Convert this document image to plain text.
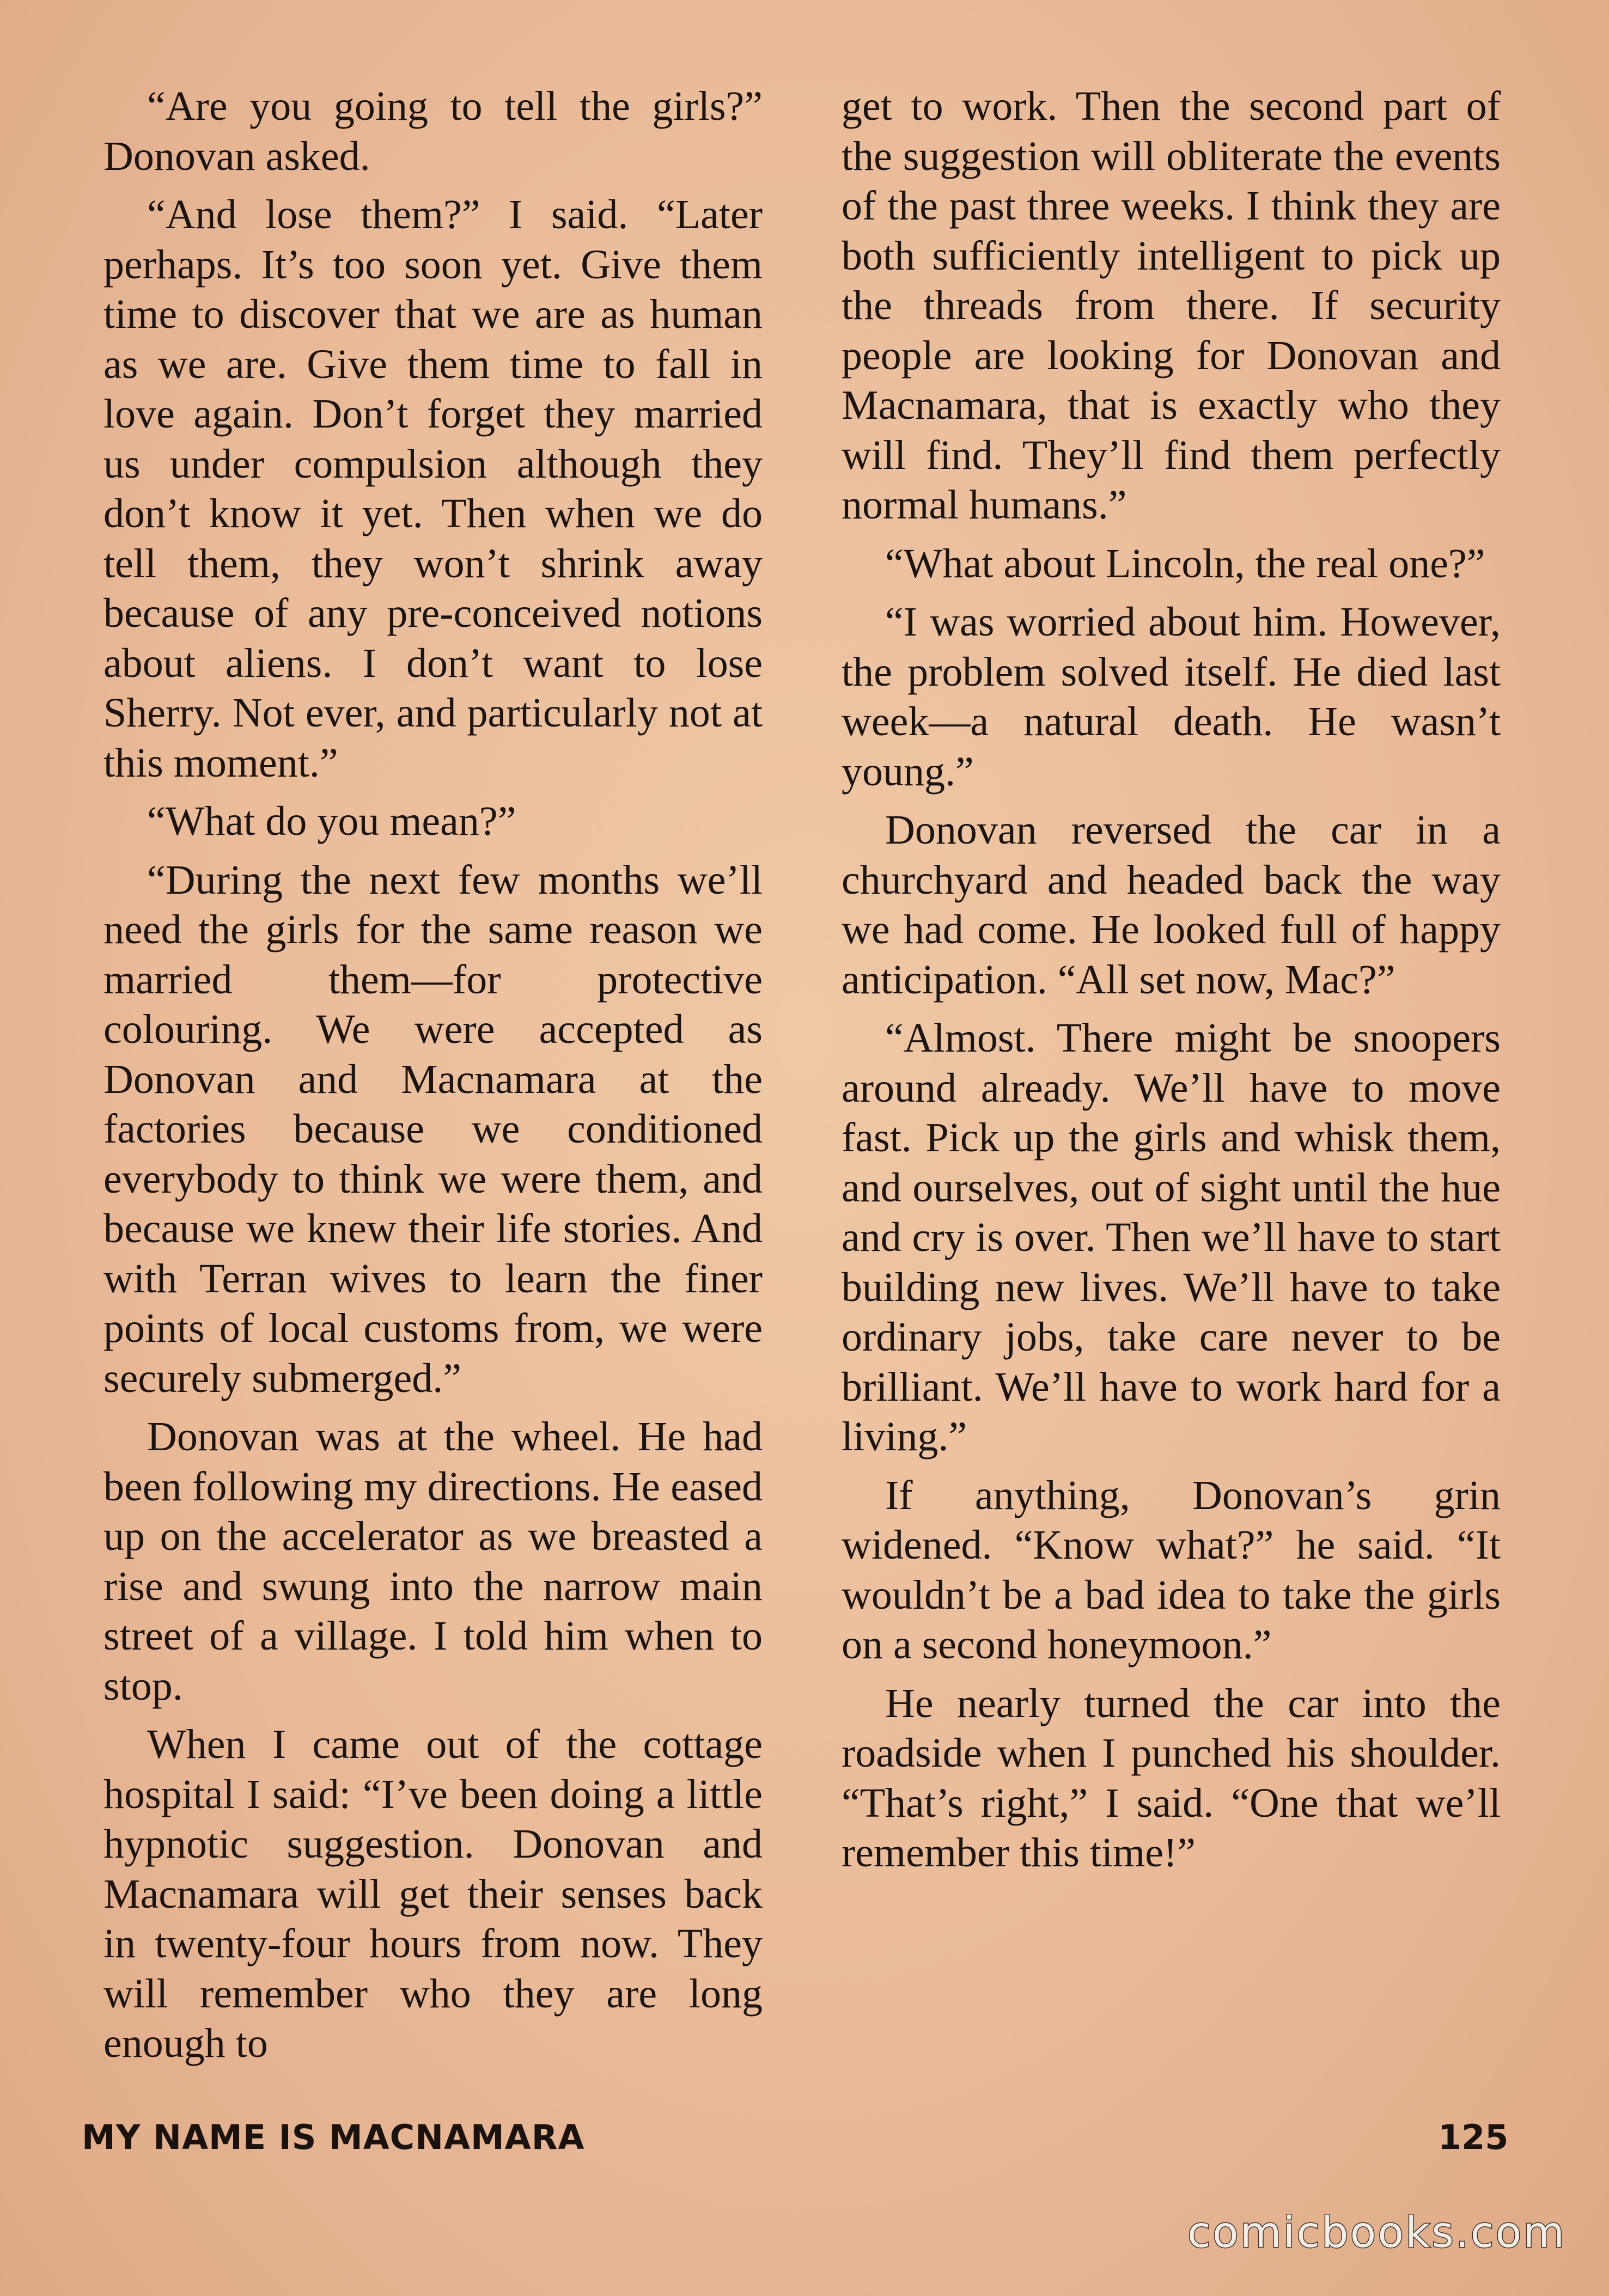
“Are you going to tell the girls?” Donovan asked.

“And lose them?” I said. “Later perhaps. It’s too soon yet. Give them time to discover that we are as human as we are. Give them time to fall in love again. Don’t forget they married us under compulsion although they don’t know it yet. Then when we do tell them, they won’t shrink away because of any pre-conceived notions about aliens. I don’t want to lose Sherry. Not ever, and particularly not at this moment.”

“What do you mean?”

“During the next few months we’ll need the girls for the same reason we married them—for protective colouring. We were accepted as Donovan and Macnamara at the factories because we conditioned everybody to think we were them, and because we knew their life stories. And with Terran wives to learn the finer points of local customs from, we were securely submerged.”

Donovan was at the wheel. He had been following my directions. He eased up on the accelerator as we breasted a rise and swung into the narrow main street of a village. I told him when to stop.

When I came out of the cottage hospital I said: “I’ve been doing a little hypnotic suggestion. Donovan and Macnamara will get their senses back in twenty-four hours from now. They will remember who they are long enough to

get to work. Then the second part of the suggestion will obliterate the events of the past three weeks. I think they are both sufficiently intelligent to pick up the threads from there. If security people are looking for Donovan and Macnamara, that is exactly who they will find. They’ll find them perfectly normal humans.”

“What about Lincoln, the real one?”

“I was worried about him. However, the problem solved itself. He died last week—a natural death. He wasn’t young.”

Donovan reversed the car in a churchyard and headed back the way we had come. He looked full of happy anticipation. “All set now, Mac?”

“Almost. There might be snoopers around already. We’ll have to move fast. Pick up the girls and whisk them, and ourselves, out of sight until the hue and cry is over. Then we’ll have to start building new lives. We’ll have to take ordinary jobs, take care never to be brilliant. We’ll have to work hard for a living.”

If anything, Donovan’s grin widened. “Know what?” he said. “It wouldn’t be a bad idea to take the girls on a second honeymoon.”

He nearly turned the car into the roadside when I punched his shoulder. “That’s right,” I said. “One that we’ll remember this time!”

MY NAME IS MACNAMARA	125
comicbooks.com
